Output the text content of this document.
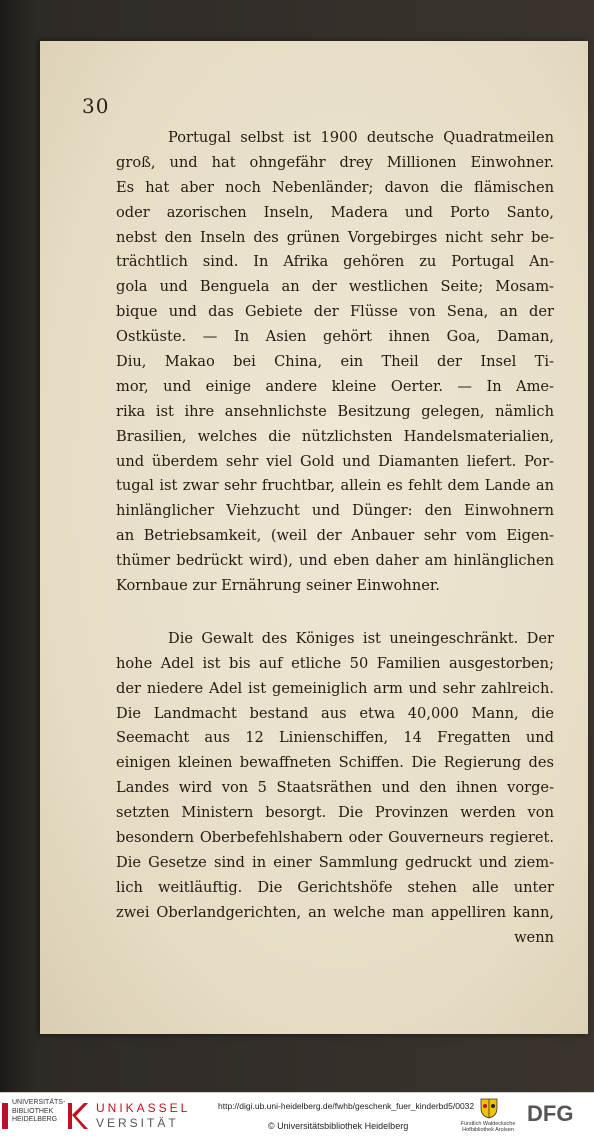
30
Portugal selbst ist 1900 deutsche Quadratmeilen
groß, und hat ohngefähr drey Millionen Einwohner.
Es hat aber noch Nebenländer; davon die flämischen
oder azorischen Inseln, Madera und Porto Santo,
nebst den Inseln des grünen Vorgebirges nicht sehr be-
trächtlich sind. In Afrika gehören zu Portugal An-
gola und Benguela an der westlichen Seite; Mosam-
bique und das Gebiete der Flüsse von Sena, an der
Ostküste. — In Asien gehört ihnen Goa, Daman,
Diu, Makao bei China, ein Theil der Insel Ti-
mor, und einige andere kleine Oerter. — In Ame-
rika ist ihre ansehnlichste Besitzung gelegen, nämlich
Brasilien, welches die nützlichsten Handelsmaterialien,
und überdem sehr viel Gold und Diamanten liefert. Por-
tugal ist zwar sehr fruchtbar, allein es fehlt dem Lande an
hinlänglicher Viehzucht und Dünger: den Einwohnern
an Betriebsamkeit, (weil der Anbauer sehr vom Eigen-
thümer bedrückt wird), und eben daher am hinlänglichen
Kornbaue zur Ernährung seiner Einwohner.
Die Gewalt des Königes ist uneingeschränkt. Der
hohe Adel ist bis auf etliche 50 Familien ausgestorben;
der niedere Adel ist gemeiniglich arm und sehr zahlreich.
Die Landmacht bestand aus etwa 40,000 Mann, die
Seemacht aus 12 Linienschiffen, 14 Fregatten und
einigen kleinen bewaffneten Schiffen. Die Regierung des
Landes wird von 5 Staatsräthen und den ihnen vorge-
setzten Ministern besorgt. Die Provinzen werden von
besondern Oberbefehlshabern oder Gouverneurs regieret.
Die Gesetze sind in einer Sammlung gedruckt und ziem-
lich weitläuftig. Die Gerichtshöfe stehen alle unter
zwei Oberlandgerichten, an welche man appelliren kann,
wenn
UNIVERSITÄTS-
BIBLIOTHEK
HEIDELBERG
UNIKASSEL
VERSITÄT
http://digi.ub.uni-heidelberg.de/fwhb/geschenk_fuer_kinderbd5/0032
© Universitätsbibliothek Heidelberg	Fürstlich Waldecksche
Hofbibliothek Arolsen
DFG
